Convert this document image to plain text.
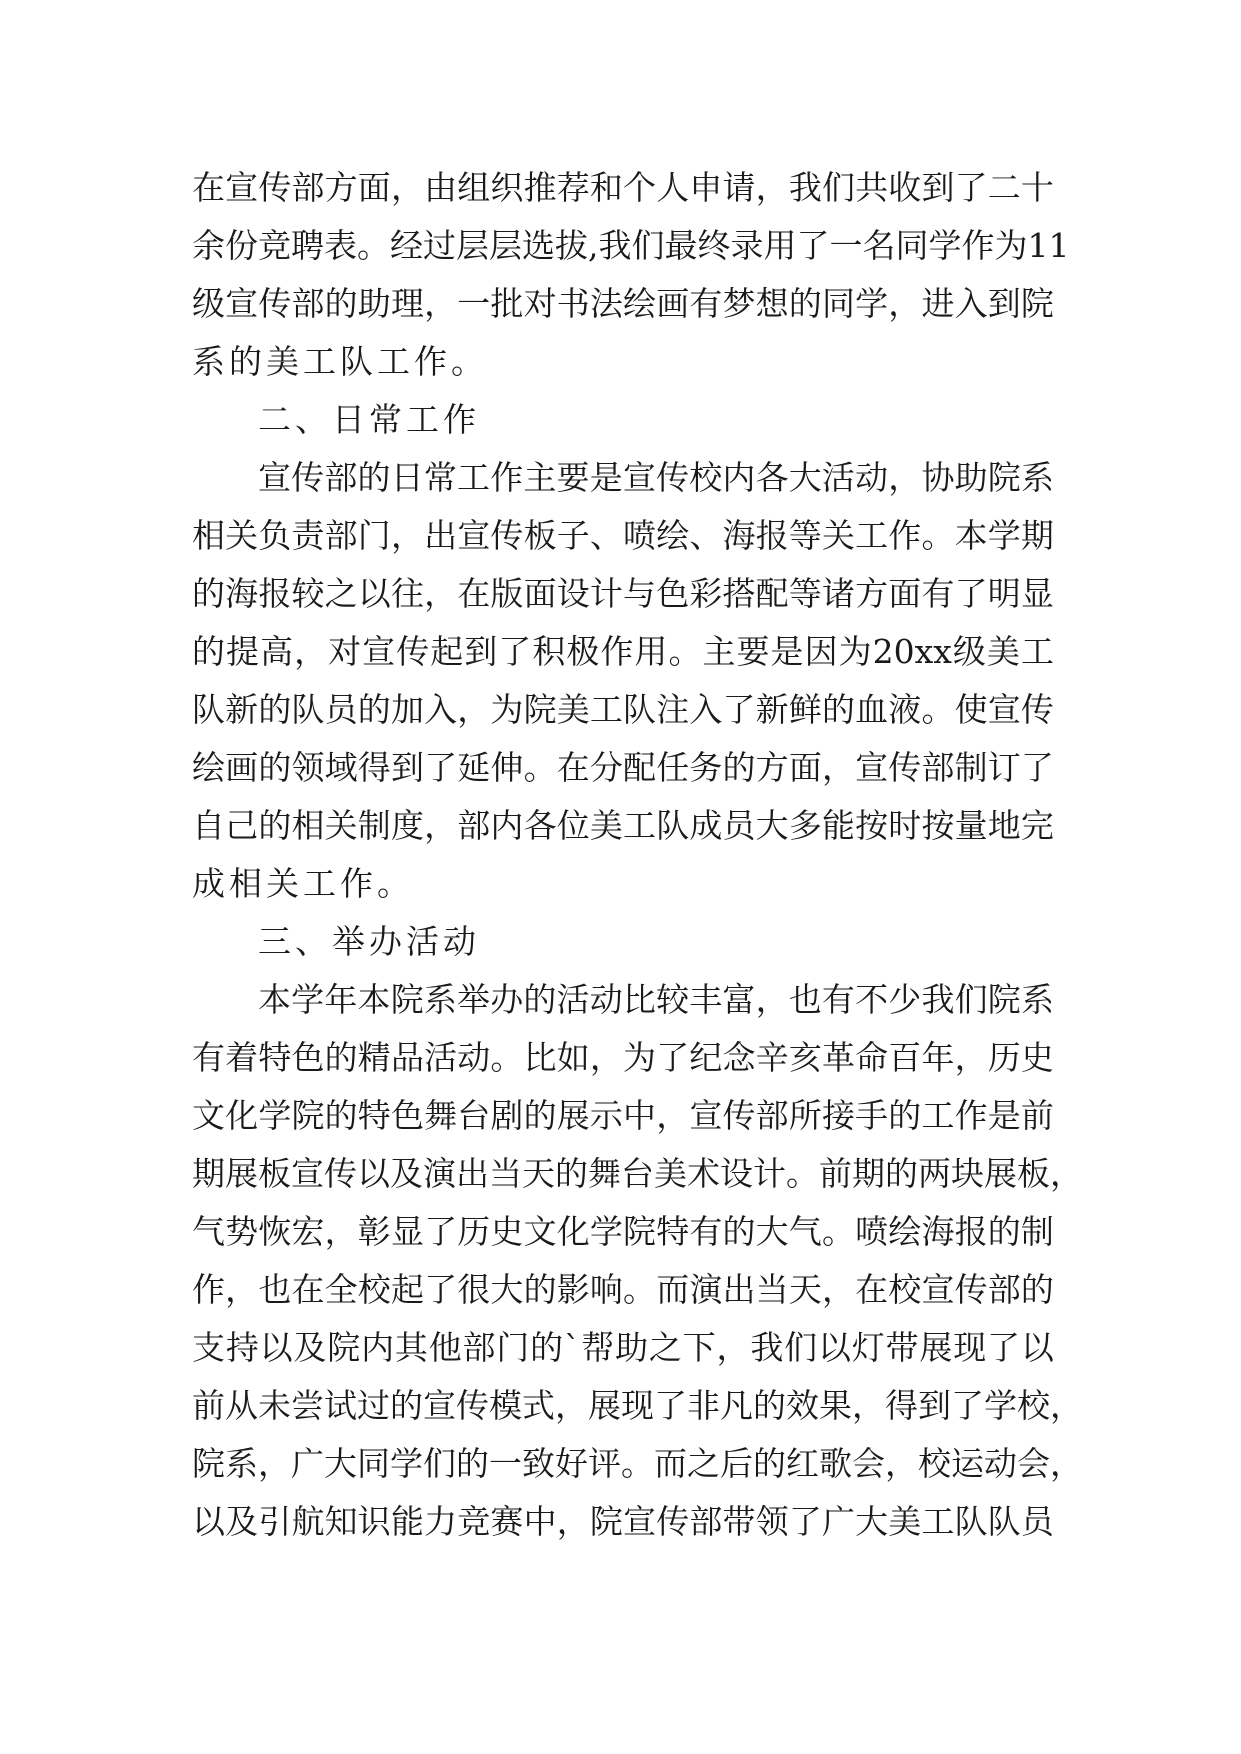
在 宣 传 部 方 面 ， 由 组 织 推 荐 和 个 人 申 请 ， 我 们 共 收 到 了 二 十
余 份 竞 聘 表 。 经 过 层 层 选 拔 , 我 们 最 终 录 用 了 一 名 同 学 作 为 11
级 宣 传 部 的 助 理 ， 一 批 对 书 法 绘 画 有 梦 想 的 同 学 ， 进 入 到 院
系的美工队工作。
二、日常工作
宣 传 部 的 日 常 工 作 主 要 是 宣 传 校 内 各 大 活 动 ， 协 助 院 系
相 关 负 责 部 门 ， 出 宣 传 板 子 、 喷 绘 、 海 报 等 关 工 作 。 本 学 期
的 海 报 较 之 以 往 ， 在 版 面 设 计 与 色 彩 搭 配 等 诸 方 面 有 了 明 显
的 提 高 ， 对 宣 传 起 到 了 积 极 作 用 。 主 要 是 因 为 20xx 级 美 工
队 新 的 队 员 的 加 入 ， 为 院 美 工 队 注 入 了 新 鲜 的 血 液 。 使 宣 传
绘 画 的 领 域 得 到 了 延 伸 。 在 分 配 任 务 的 方 面 ， 宣 传 部 制 订 了
自 己 的 相 关 制 度 ， 部 内 各 位 美 工 队 成 员 大 多 能 按 时 按 量 地 完
成相关工作。
三、举办活动
本 学 年 本 院 系 举 办 的 活 动 比 较 丰 富 ， 也 有 不 少 我 们 院 系
有 着 特 色 的 精 品 活 动 。 比 如 ， 为 了 纪 念 辛 亥 革 命 百 年 ， 历 史
文 化 学 院 的 特 色 舞 台 剧 的 展 示 中 ， 宣 传 部 所 接 手 的 工 作 是 前
期 展 板 宣 传 以 及 演 出 当 天 的 舞 台 美 术 设 计 。 前 期 的 两 块 展 板 ，
气 势 恢 宏 ， 彰 显 了 历 史 文 化 学 院 特 有 的 大 气 。 喷 绘 海 报 的 制
作 ， 也 在 全 校 起 了 很 大 的 影 响 。 而 演 出 当 天 ， 在 校 宣 传 部 的
支 持 以 及 院 内 其 他 部 门 的 ` 帮 助 之 下 ， 我 们 以 灯 带 展 现 了 以
前 从 未 尝 试 过 的 宣 传 模 式 ， 展 现 了 非 凡 的 效 果 ， 得 到 了 学 校 ，
院 系 ， 广 大 同 学 们 的 一 致 好 评 。 而 之 后 的 红 歌 会 ， 校 运 动 会 ，
以 及 引 航 知 识 能 力 竞 赛 中 ， 院 宣 传 部 带 领 了 广 大 美 工 队 队 员
